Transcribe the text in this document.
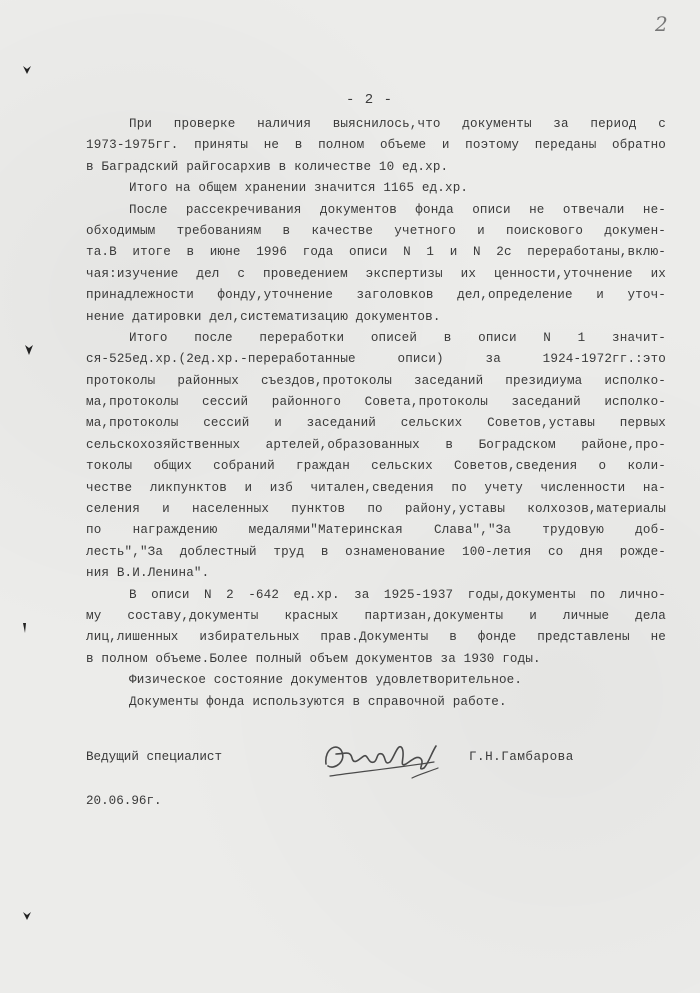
2
- 2 -
При проверке наличия выяснилось,что документы за период с
1973-1975гг. приняты не в полном объеме и поэтому переданы обратно
в Баградский райгосархив в количестве 10 ед.хр.
Итого на общем хранении значится 1165 ед.хр.
После рассекречивания документов фонда описи не отвечали не-
обходимым требованиям в качестве учетного и поискового докумен-
та.В итоге в июне 1996 года описи N 1 и N 2с переработаны,вклю-
чая:изучение дел с проведением экспертизы их ценности,уточнение их
принадлежности фонду,уточнение заголовков дел,определение и уточ-
нение датировки дел,систематизацию документов.
Итого после переработки описей в описи N 1 значит-
ся-525ед.хр.(2ед.хр.-переработанные описи) за 1924-1972гг.:это
протоколы районных съездов,протоколы заседаний президиума исполко-
ма,протоколы сессий районного Совета,протоколы заседаний исполко-
ма,протоколы сессий и заседаний сельских Советов,уставы первых
сельскохозяйственных артелей,образованных в Боградском районе,про-
токолы общих собраний граждан сельских Советов,сведения о коли-
честве ликпунктов и изб читален,сведения по учету численности на-
селения и населенных пунктов по району,уставы колхозов,материалы
по награждению медалями"Материнская Слава","За трудовую доб-
лесть","За доблестный труд в ознаменование 100-летия со дня рожде-
ния В.И.Ленина".
В описи N 2 -642 ед.хр. за 1925-1937 годы,документы по лично-
му составу,документы красных партизан,документы и личные дела
лиц,лишенных избирательных прав.Документы в фонде представлены не
в полном объеме.Более полный объем документов за 1930 годы.
Физическое состояние документов удовлетворительное.
Документы фонда используются в справочной работе.
Ведущий специалист	Г.Н.Гамбарова
20.06.96г.
